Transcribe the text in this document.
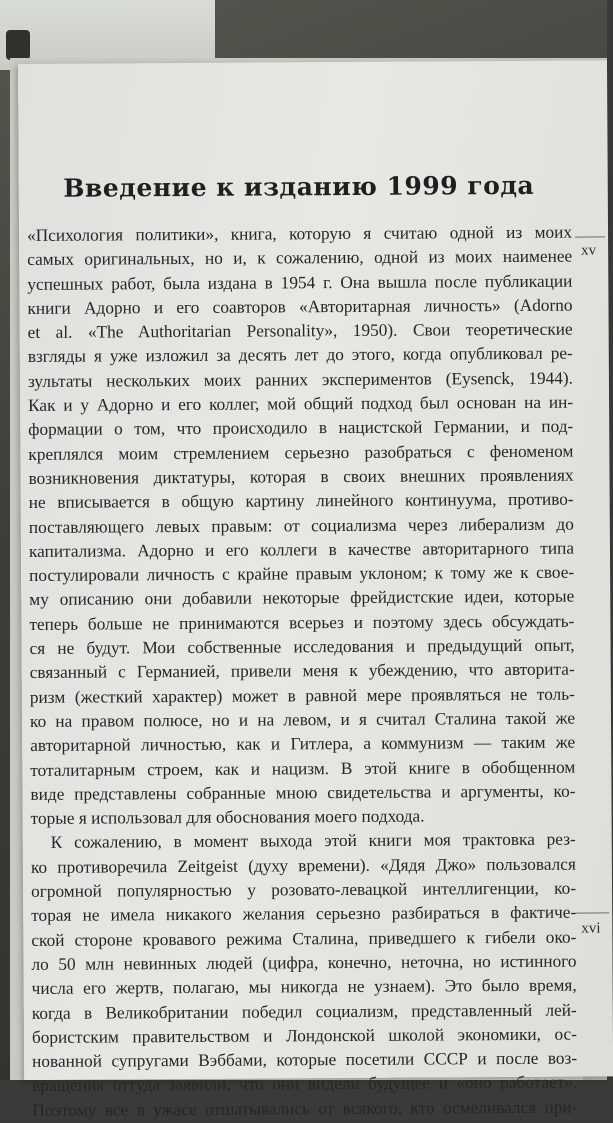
Введение к изданию 1999 года
xv
xvi

«Психология политики», книга, которую я считаю одной из моих
самых оригинальных, но и, к сожалению, одной из моих наименее
успешных работ, была издана в 1954 г. Она вышла после публикации
книги Адорно и его соавторов «Авторитарная личность» (Adorno
et al. «The Authoritarian Personality», 1950). Свои теоретические
взгляды я уже изложил за десять лет до этого, когда опубликовал ре-
зультаты нескольких моих ранних экспериментов (Eysenck, 1944).
Как и у Адорно и его коллег, мой общий подход был основан на ин-
формации о том, что происходило в нацистской Германии, и под-
креплялся моим стремлением серьезно разобраться с феноменом
возникновения диктатуры, которая в своих внешних проявлениях
не вписывается в общую картину линейного континуума, противо-
поставляющего левых правым: от социализма через либерализм до
капитализма. Адорно и его коллеги в качестве авторитарного типа
постулировали личность с крайне правым уклоном; к тому же к свое-
му описанию они добавили некоторые фрейдистские идеи, которые
теперь больше не принимаются всерьез и поэтому здесь обсуждать-
ся не будут. Мои собственные исследования и предыдущий опыт,
связанный с Германией, привели меня к убеждению, что авторита-
ризм (жесткий характер) может в равной мере проявляться не толь-
ко на правом полюсе, но и на левом, и я считал Сталина такой же
авторитарной личностью, как и Гитлера, а коммунизм — таким же
тоталитарным строем, как и нацизм. В этой книге в обобщенном
виде представлены собранные мною свидетельства и аргументы, ко-
торые я использовал для обоснования моего подхода.

К сожалению, в момент выхода этой книги моя трактовка рез-
ко противоречила Zeitgeist (духу времени). «Дядя Джо» пользовался
огромной популярностью у розовато-левацкой интеллигенции, ко-
торая не имела никакого желания серьезно разбираться в фактиче-
ской стороне кровавого режима Сталина, приведшего к гибели око-
ло 50 млн невинных людей (цифра, конечно, неточна, но истинного
числа его жертв, полагаю, мы никогда не узнаем). Это было время,
когда в Великобритании победил социализм, представленный лей-
бористским правительством и Лондонской школой экономики, ос-
нованной супругами Вэббами, которые посетили СССР и после воз-
вращения оттуда заявили, что они видели будущее и «оно работает».
Поэтому все в ужасе отшатывались от всякого, кто осмеливался при-
